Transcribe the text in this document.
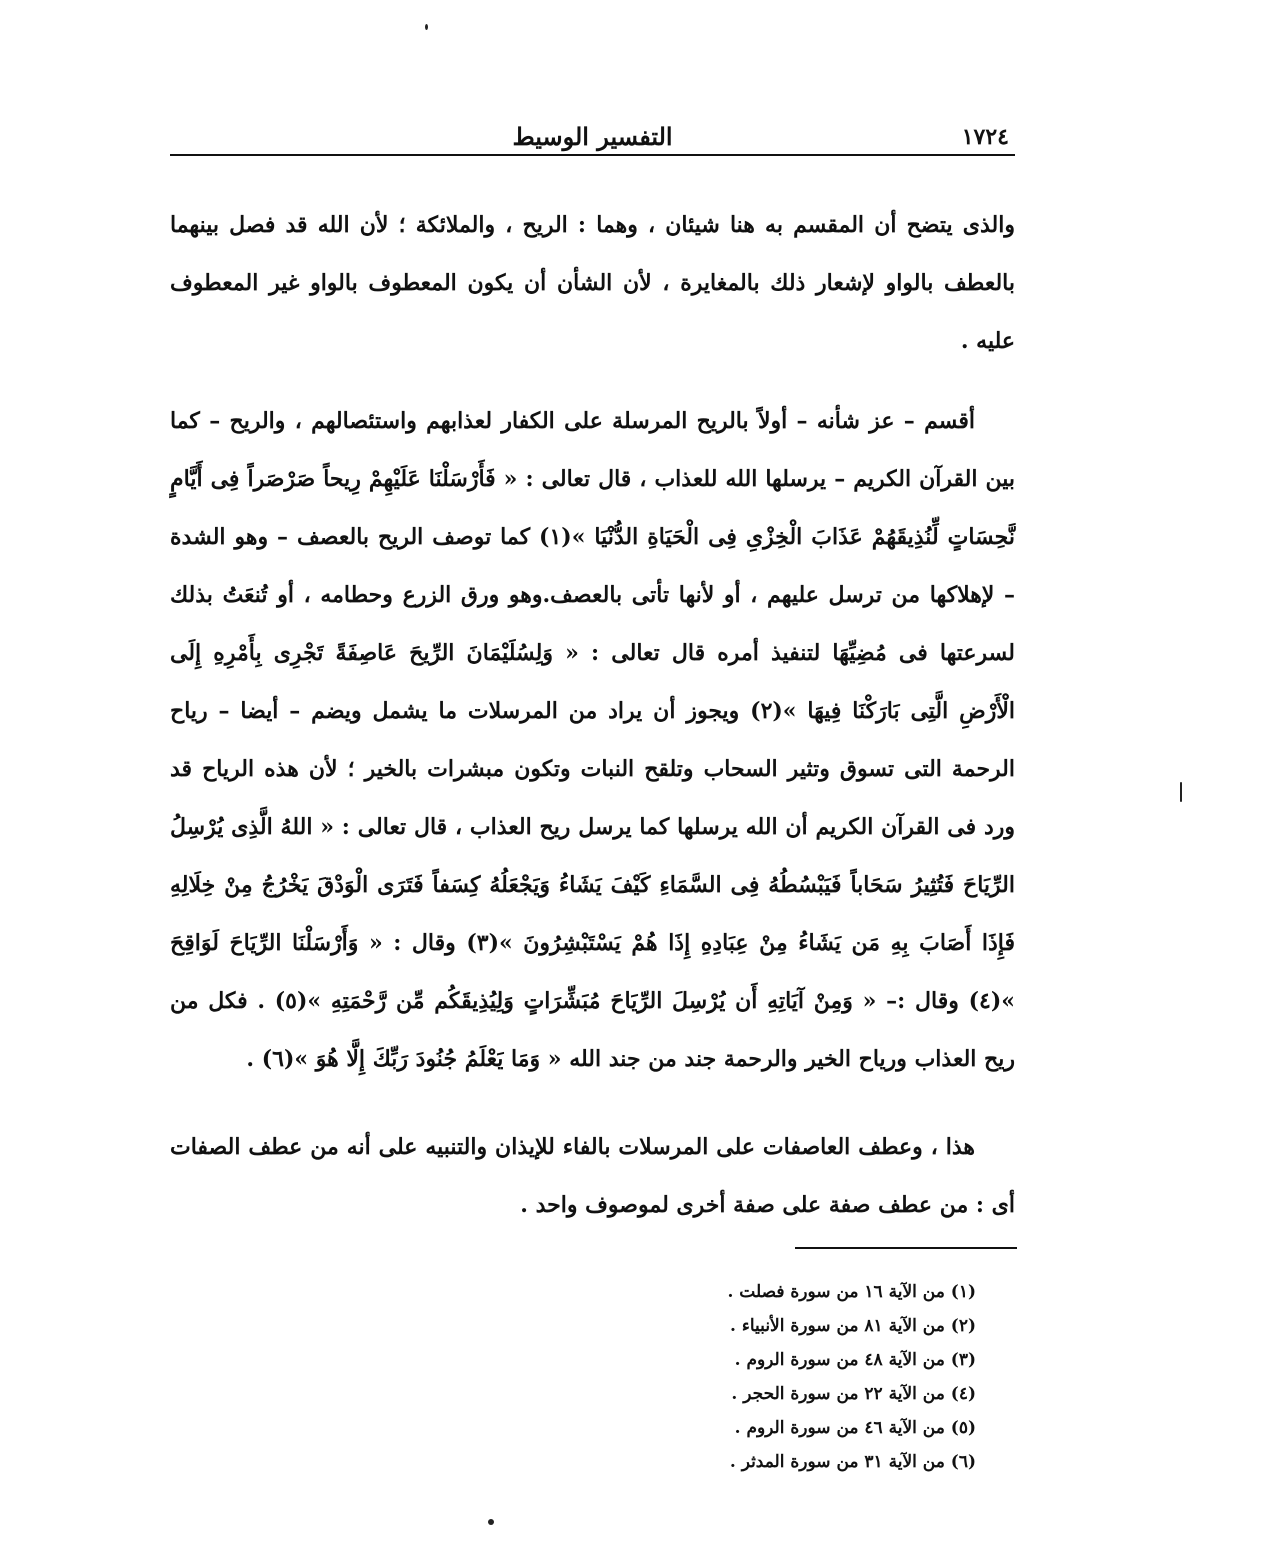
١٧٢٤
التفسير الوسيط

والذى يتضح أن المقسم به هنا شيئان ، وهما : الريح ، والملائكة ؛ لأن الله قد فصل بينهما بالعطف بالواو لإشعار ذلك بالمغايرة ، لأن الشأن أن يكون المعطوف بالواو غير المعطوف عليه .

أقسم – عز شأنه – أولاً بالريح المرسلة على الكفار لعذابهم واستئصالهم ، والريح – كما بين القرآن الكريم – يرسلها الله للعذاب ، قال تعالى : « فَأَرْسَلْنَا عَلَيْهِمْ رِيحاً صَرْصَراً فِى أَيَّامٍ نَّحِسَاتٍ لِّنُذِيقَهُمْ عَذَابَ الْخِزْىِ فِى الْحَيَاةِ الدُّنْيَا »(١) كما توصف الريح بالعصف – وهو الشدة – لإهلاكها من ترسل عليهم ، أو لأنها تأتى بالعصف.وهو ورق الزرع وحطامه ، أو تُنعَتُ بذلك لسرعتها فى مُضِيِّهَا لتنفيذ أمره قال تعالى : « وَلِسُلَيْمَانَ الرِّيحَ عَاصِفَةً تَجْرِى بِأَمْرِهِ إِلَى الْأَرْضِ الَّتِى بَارَكْنَا فِيهَا »(٢) ويجوز أن يراد من المرسلات ما يشمل ويضم – أيضا – رياح الرحمة التى تسوق وتثير السحاب وتلقح النبات وتكون مبشرات بالخير ؛ لأن هذه الرياح قد ورد فى القرآن الكريم أن الله يرسلها كما يرسل ريح العذاب ، قال تعالى : « اللهُ الَّذِى يُرْسِلُ الرِّيَاحَ فَتُثِيرُ سَحَاباً فَيَبْسُطُهُ فِى السَّمَاءِ كَيْفَ يَشَاءُ وَيَجْعَلُهُ كِسَفاً فَتَرَى الْوَدْقَ يَخْرُجُ مِنْ خِلَالِهِ فَإِذَا أَصَابَ بِهِ مَن يَشَاءُ مِنْ عِبَادِهِ إِذَا هُمْ يَسْتَبْشِرُونَ »(٣) وقال : « وَأَرْسَلْنَا الرِّيَاحَ لَوَاقِحَ »(٤) وقال :– « وَمِنْ آيَاتِهِ أَن يُرْسِلَ الرِّيَاحَ مُبَشِّرَاتٍ وَلِيُذِيقَكُم مِّن رَّحْمَتِهِ »(٥) . فكل من ريح العذاب ورياح الخير والرحمة جند من جند الله « وَمَا يَعْلَمُ جُنُودَ رَبِّكَ إِلَّا هُوَ »(٦) .

هذا ، وعطف العاصفات على المرسلات بالفاء للإيذان والتنبيه على أنه من عطف الصفات أى : من عطف صفة على صفة أخرى لموصوف واحد .

(١) من الآية ١٦ من سورة فصلت .
(٢) من الآية ٨١ من سورة الأنبياء .
(٣) من الآية ٤٨ من سورة الروم .
(٤) من الآية ٢٢ من سورة الحجر .
(٥) من الآية ٤٦ من سورة الروم .
(٦) من الآية ٣١ من سورة المدثر .
